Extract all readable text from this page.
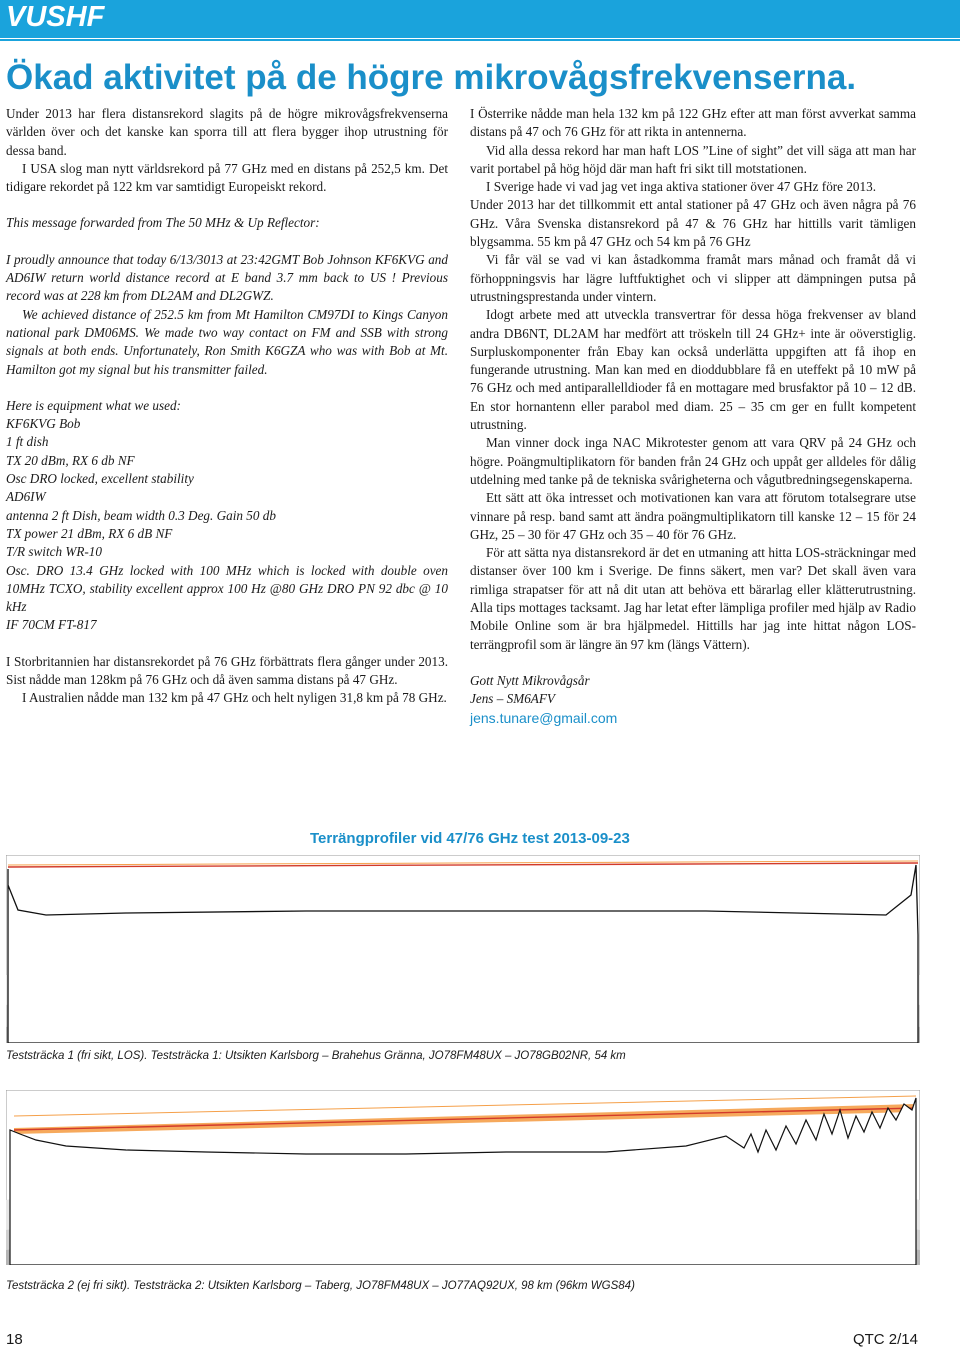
VUSHF
Ökad aktivitet på de högre mikrovågsfrekvenserna.

Under 2013 har flera distansrekord slagits på de högre mikrovågsfrekvenserna världen över och det kanske kan sporra till att flera bygger ihop utrustning för dessa band.

I USA slog man nytt världsrekord på 77 GHz med en distans på 252,5 km. Det tidigare rekordet på 122 km var samtidigt Europeiskt rekord.

This message forwarded from The 50 MHz & Up Reflector:

I proudly announce that today 6/13/3013 at 23:42GMT Bob Johnson KF6KVG and AD6IW return world distance record at E band 3.7 mm back to US ! Previous record was at 228 km from DL2AM and DL2GWZ.

We achieved distance of 252.5 km from Mt Hamilton CM97DI to Kings Canyon national park DM06MS. We made two way contact on FM and SSB with strong signals at both ends. Unfortunately, Ron Smith K6GZA who was with Bob at Mt. Hamilton got my signal but his transmitter failed.

Here is equipment what we used:

KF6KVG Bob

1 ft dish

TX 20 dBm, RX 6 db NF

Osc DRO locked, excellent stability

AD6IW

antenna 2 ft Dish, beam width 0.3 Deg. Gain 50 db

TX power 21 dBm, RX 6 dB NF

T/R switch WR-10

Osc. DRO 13.4 GHz locked with 100 MHz which is locked with double oven 10MHz TCXO, stability excellent approx 100 Hz @80 GHz DRO PN 92 dbc @ 10 kHz

IF 70CM FT-817

I Storbritannien har distansrekordet på 76 GHz förbättrats flera gånger under 2013. Sist nådde man 128km på 76 GHz och då även samma distans på 47 GHz.

I Australien nådde man 132 km på 47 GHz och helt nyligen 31,8 km på 78 GHz.

I Österrike nådde man hela 132 km på 122 GHz efter att man först avverkat samma distans på 47 och 76 GHz för att rikta in antennerna.

Vid alla dessa rekord har man haft LOS ”Line of sight” det vill säga att man har varit portabel på hög höjd där man haft fri sikt till motstationen.

I Sverige hade vi vad jag vet inga aktiva stationer över 47 GHz före 2013.

Under 2013 har det tillkommit ett antal stationer på 47 GHz och även några på 76 GHz. Våra Svenska distansrekord på 47 & 76 GHz har hittills varit tämligen blygsamma. 55 km på 47 GHz och 54 km på 76 GHz

Vi får väl se vad vi kan åstadkomma framåt mars månad och framåt då vi förhoppningsvis har lägre luftfuktighet och vi slipper att dämpningen putsa på utrustningsprestanda under vintern.

Idogt arbete med att utveckla transvertrar för dessa höga frekvenser av bland andra DB6NT, DL2AM har medfört att tröskeln till 24 GHz+ inte är oöverstiglig. Surpluskomponenter från Ebay kan också underlätta uppgiften att få ihop en fungerande utrustning. Man kan med en dioddubblare få en uteffekt på 10 mW på 76 GHz och med antiparallelldioder få en mottagare med brusfaktor på 10 – 12 dB. En stor hornantenn eller parabol med diam. 25 – 35 cm ger en fullt kompetent utrustning.

Man vinner dock inga NAC Mikrotester genom att vara QRV på 24 GHz och högre. Poängmultiplikatorn för banden från 24 GHz och uppåt ger alldeles för dålig utdelning med tanke på de tekniska svårigheterna och vågutbredningsegenskaperna.

Ett sätt att öka intresset och motivationen kan vara att förutom totalsegrare utse vinnare på resp. band samt att ändra poängmultiplikatorn till kanske 12 – 15 för 24 GHz, 25 – 30 för 47 GHz och 35 – 40 för 76 GHz.

För att sätta nya distansrekord är det en utmaning att hitta LOS-sträckningar med distanser över 100 km i Sverige. De finns säkert, men var? Det skall även vara rimliga strapatser för att nå dit utan att behöva ett bärarlag eller klätterutrustning. Alla tips mottages tacksamt. Jag har letat efter lämpliga profiler med hjälp av Radio Mobile Online som är bra hjälpmedel. Hittills har jag inte hittat någon LOS-terrängprofil som är längre än 97 km (längs Vättern).

Gott Nytt Mikrovågsår

Jens – SM6AFV

jens.tunare@gmail.com

Terrängprofiler vid 47/76 GHz test 2013-09-23
Teststräcka 1 (fri sikt, LOS). Teststräcka 1: Utsikten Karlsborg – Brahehus Gränna, JO78FM48UX – JO78GB02NR, 54 km
Teststräcka 2 (ej fri sikt). Teststräcka 2: Utsikten Karlsborg – Taberg, JO78FM48UX – JO77AQ92UX, 98 km (96km WGS84)
18	QTC 2/14
